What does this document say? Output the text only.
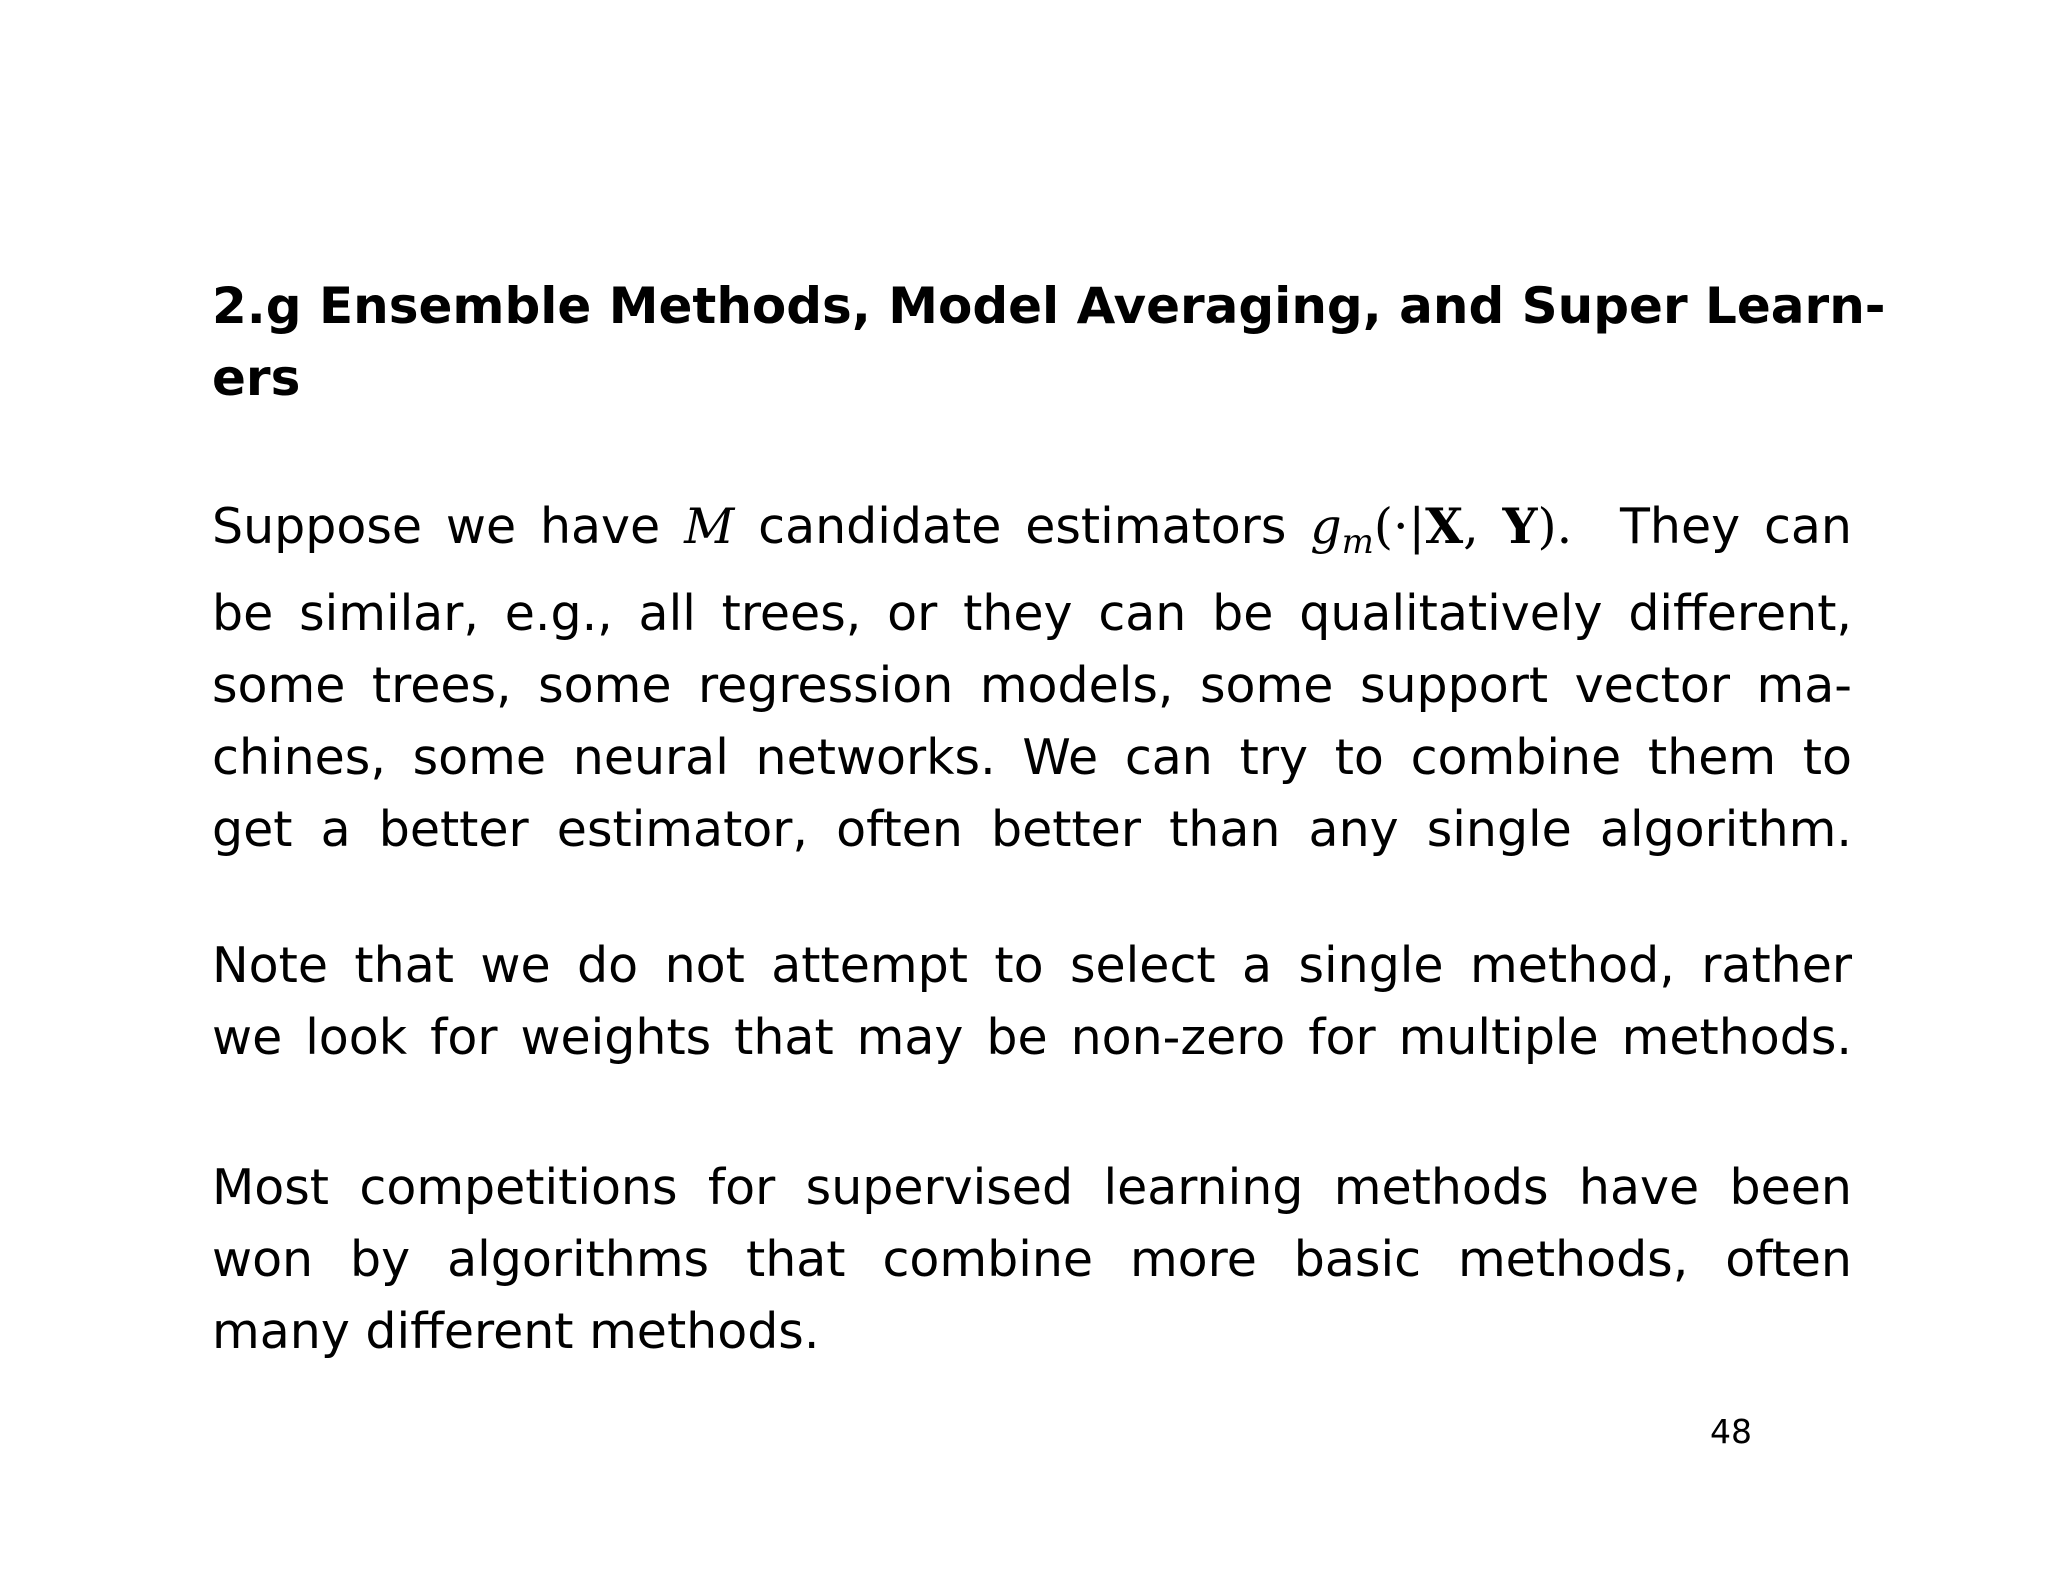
2.g Ensemble Methods, Model Averaging, and Super Learn-
ers
Suppose we have M candidate estimators $g_m(\cdot|X$, Y).  They can
be similar, e.g., all trees, or they can be qualitatively different,
some trees, some regression models, some support vector ma-
chines, some neural networks. We can try to combine them to
get a better estimator, often better than any single algorithm.
Note that we do not attempt to select a single method, rather
we look for weights that may be non-zero for multiple methods.
Most competitions for supervised learning methods have been
won by algorithms that combine more basic methods, often
many different methods.
48
